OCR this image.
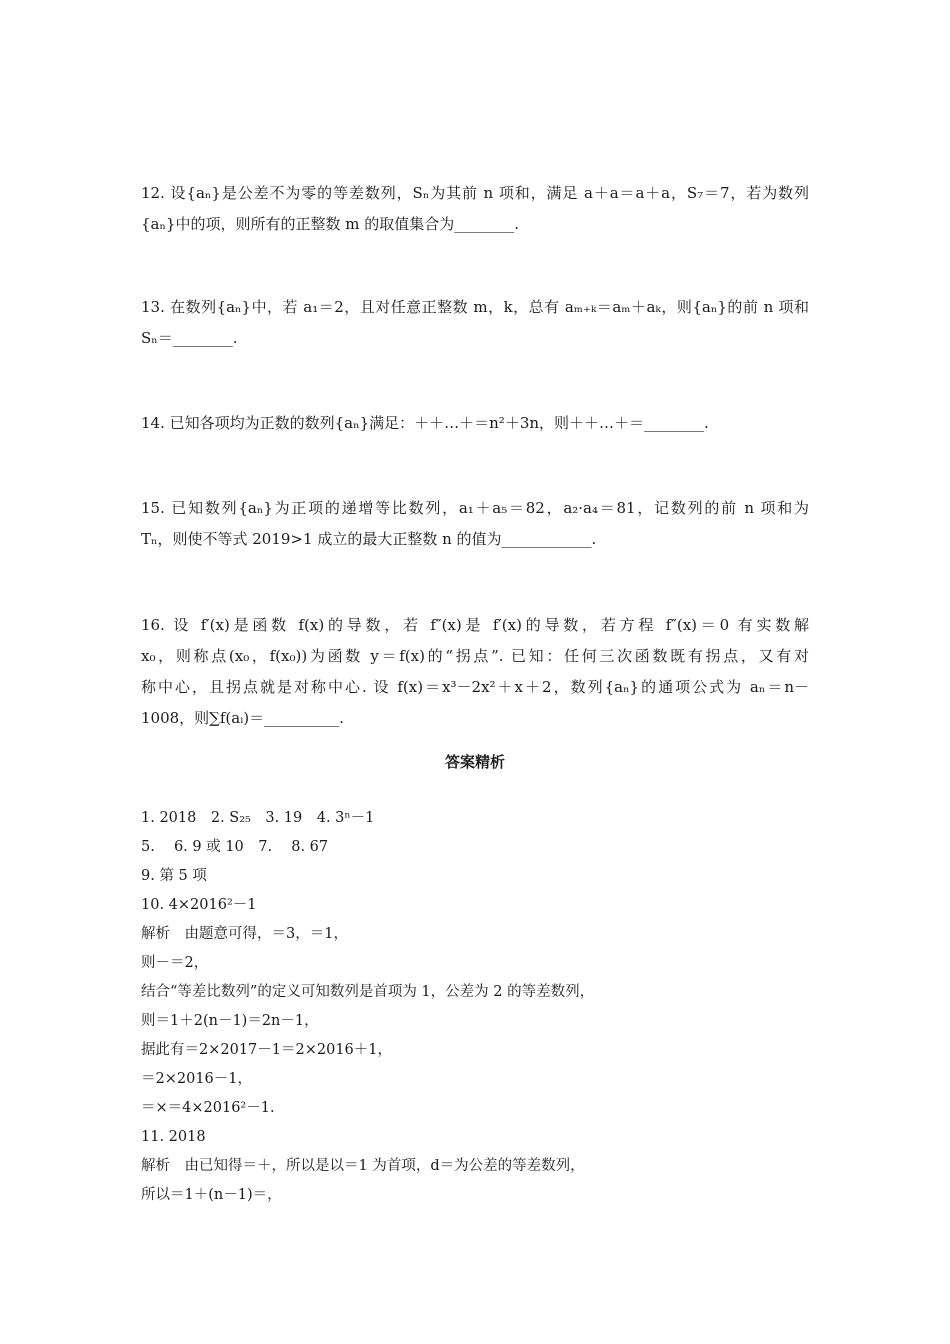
12. 设{aₙ}是公差不为零的等差数列，Sₙ为其前 n 项和，满足 a＋a＝a＋a，S₇＝7，若为数列
{aₙ}中的项，则所有的正整数 m 的取值集合为________.
13. 在数列{aₙ}中，若 a₁＝2，且对任意正整数 m，k，总有 aₘ₊ₖ＝aₘ＋aₖ，则{aₙ}的前 n 项和
Sₙ＝________.
14. 已知各项均为正数的数列{aₙ}满足：＋＋…＋＝n²＋3n，则＋＋…＋＝________.
15. 已知数列{aₙ}为正项的递增等比数列，a₁＋a₅＝82，a₂·a₄＝81，记数列的前 n 项和为
Tₙ，则使不等式 2019>1 成立的最大正整数 n 的值为____________.
16. 设 f′(x)是函数 f(x)的导数，若 f″(x)是 f′(x)的导数，若方程 f″(x)＝0 有实数解
x₀，则称点(x₀，f(x₀))为函数 y＝f(x)的“拐点”. 已知：任何三次函数既有拐点，又有对
称中心，且拐点就是对称中心. 设 f(x)＝x³－2x²＋x＋2，数列{aₙ}的通项公式为 aₙ＝n－
1008，则∑f(aᵢ)＝__________.
答案精析
1. 2018　2. S₂₅　3. 19　4. 3ⁿ－1
5. 　6. 9 或 10　7. 　8. 67
9. 第 5 项
10. 4×2016²－1
解析　由题意可得，＝3，＝1，
则－＝2，
结合“等差比数列”的定义可知数列是首项为 1，公差为 2 的等差数列，
则＝1＋2(n－1)＝2n－1，
据此有＝2×2017－1＝2×2016＋1，
＝2×2016－1，
＝×＝4×2016²－1.
11. 2018
解析　由已知得＝＋，所以是以＝1 为首项，d＝为公差的等差数列，
所以＝1＋(n－1)＝，
